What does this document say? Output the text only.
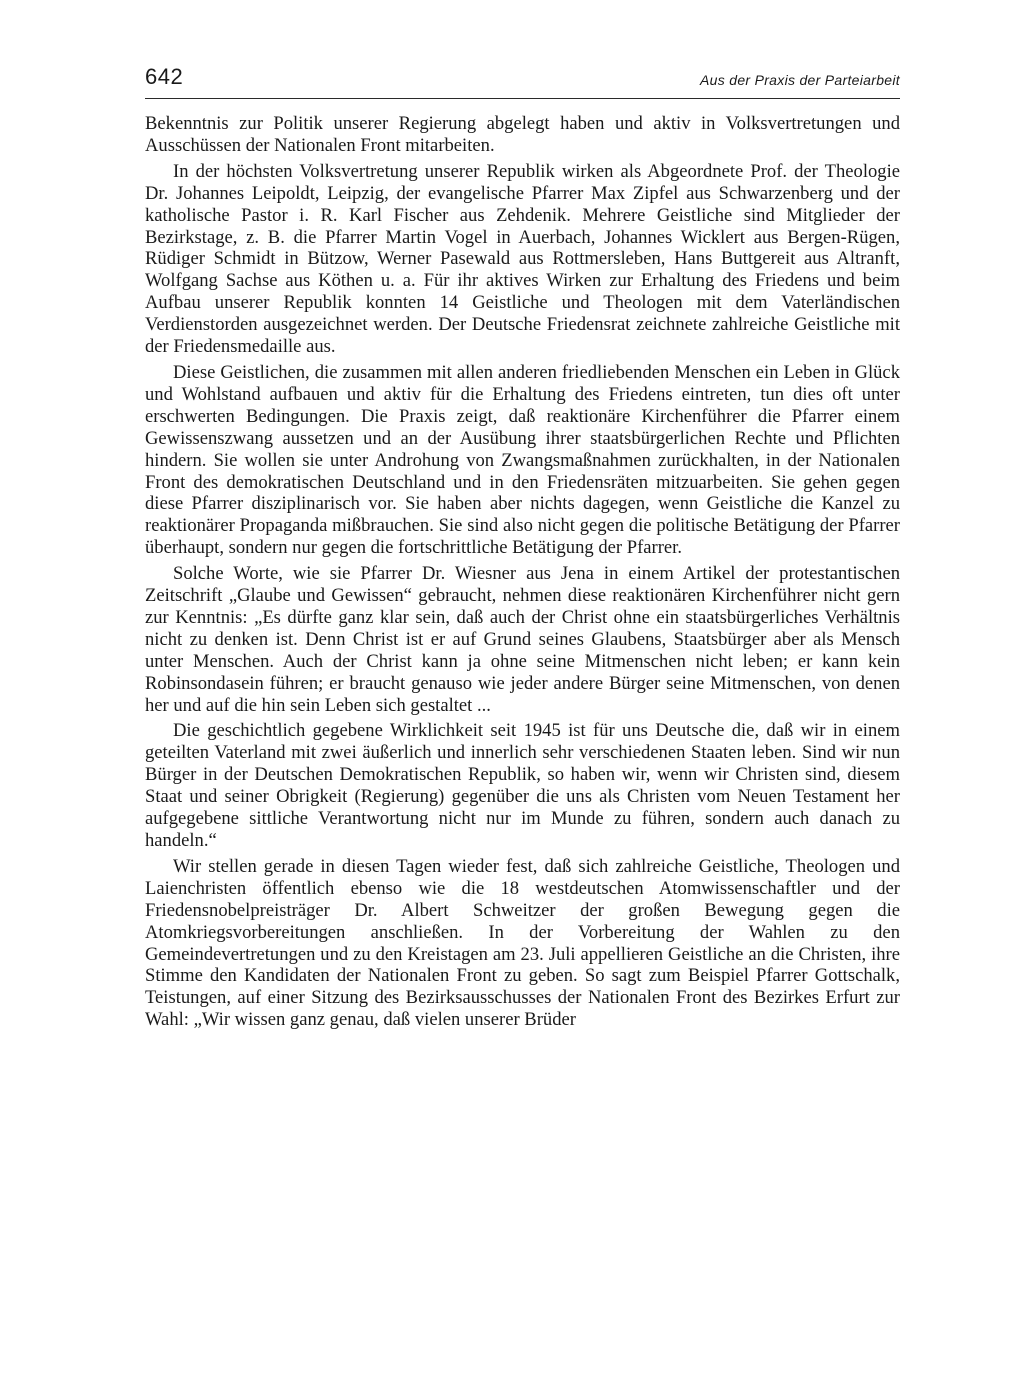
642	Aus der Praxis der Parteiarbeit

Bekenntnis zur Politik unserer Regierung abgelegt haben und aktiv in Volksvertretungen und Ausschüssen der Nationalen Front mitarbeiten.

In der höchsten Volksvertretung unserer Republik wirken als Abgeordnete Prof. der Theologie Dr. Johannes Leipoldt, Leipzig, der evangelische Pfarrer Max Zipfel aus Schwarzenberg und der katholische Pastor i. R. Karl Fischer aus Zehdenik. Mehrere Geistliche sind Mitglieder der Bezirkstage, z. B. die Pfarrer Martin Vogel in Auerbach, Johannes Wicklert aus Bergen-Rügen, Rüdiger Schmidt in Bützow, Werner Pasewald aus Rottmersleben, Hans Buttgereit aus Altranft, Wolfgang Sachse aus Köthen u. a. Für ihr aktives Wirken zur Erhaltung des Friedens und beim Aufbau unserer Republik konnten 14 Geistliche und Theologen mit dem Vaterländischen Verdienstorden ausgezeichnet werden. Der Deutsche Friedensrat zeichnete zahlreiche Geistliche mit der Friedensmedaille aus.

Diese Geistlichen, die zusammen mit allen anderen friedliebenden Menschen ein Leben in Glück und Wohlstand aufbauen und aktiv für die Erhaltung des Friedens eintreten, tun dies oft unter erschwerten Bedingungen. Die Praxis zeigt, daß reaktionäre Kirchenführer die Pfarrer einem Gewissenszwang aussetzen und an der Ausübung ihrer staatsbürgerlichen Rechte und Pflichten hindern. Sie wollen sie unter Androhung von Zwangsmaßnahmen zurückhalten, in der Nationalen Front des demokratischen Deutschland und in den Friedensräten mitzuarbeiten. Sie gehen gegen diese Pfarrer disziplinarisch vor. Sie haben aber nichts dagegen, wenn Geistliche die Kanzel zu reaktionärer Propaganda mißbrauchen. Sie sind also nicht gegen die politische Betätigung der Pfarrer überhaupt, sondern nur gegen die fortschrittliche Betätigung der Pfarrer.

Solche Worte, wie sie Pfarrer Dr. Wiesner aus Jena in einem Artikel der protestantischen Zeitschrift „Glaube und Gewissen“ gebraucht, nehmen diese reaktionären Kirchenführer nicht gern zur Kenntnis: „Es dürfte ganz klar sein, daß auch der Christ ohne ein staatsbürgerliches Verhältnis nicht zu denken ist. Denn Christ ist er auf Grund seines Glaubens, Staatsbürger aber als Mensch unter Menschen. Auch der Christ kann ja ohne seine Mitmenschen nicht leben; er kann kein Robinsondasein führen; er braucht genauso wie jeder andere Bürger seine Mitmenschen, von denen her und auf die hin sein Leben sich gestaltet ...

Die geschichtlich gegebene Wirklichkeit seit 1945 ist für uns Deutsche die, daß wir in einem geteilten Vaterland mit zwei äußerlich und innerlich sehr verschiedenen Staaten leben. Sind wir nun Bürger in der Deutschen Demokratischen Republik, so haben wir, wenn wir Christen sind, diesem Staat und seiner Obrigkeit (Regierung) gegenüber die uns als Christen vom Neuen Testament her aufgegebene sittliche Verantwortung nicht nur im Munde zu führen, sondern auch danach zu handeln.“

Wir stellen gerade in diesen Tagen wieder fest, daß sich zahlreiche Geistliche, Theologen und Laienchristen öffentlich ebenso wie die 18 westdeutschen Atomwissenschaftler und der Friedensnobelpreisträger Dr. Albert Schweitzer der großen Bewegung gegen die Atomkriegsvorbereitungen anschließen. In der Vorbereitung der Wahlen zu den Gemeindevertretungen und zu den Kreistagen am 23. Juli appellieren Geistliche an die Christen, ihre Stimme den Kandidaten der Nationalen Front zu geben. So sagt zum Beispiel Pfarrer Gottschalk, Teistungen, auf einer Sitzung des Bezirksausschusses der Nationalen Front des Bezirkes Erfurt zur Wahl: „Wir wissen ganz genau, daß vielen unserer Brüder
